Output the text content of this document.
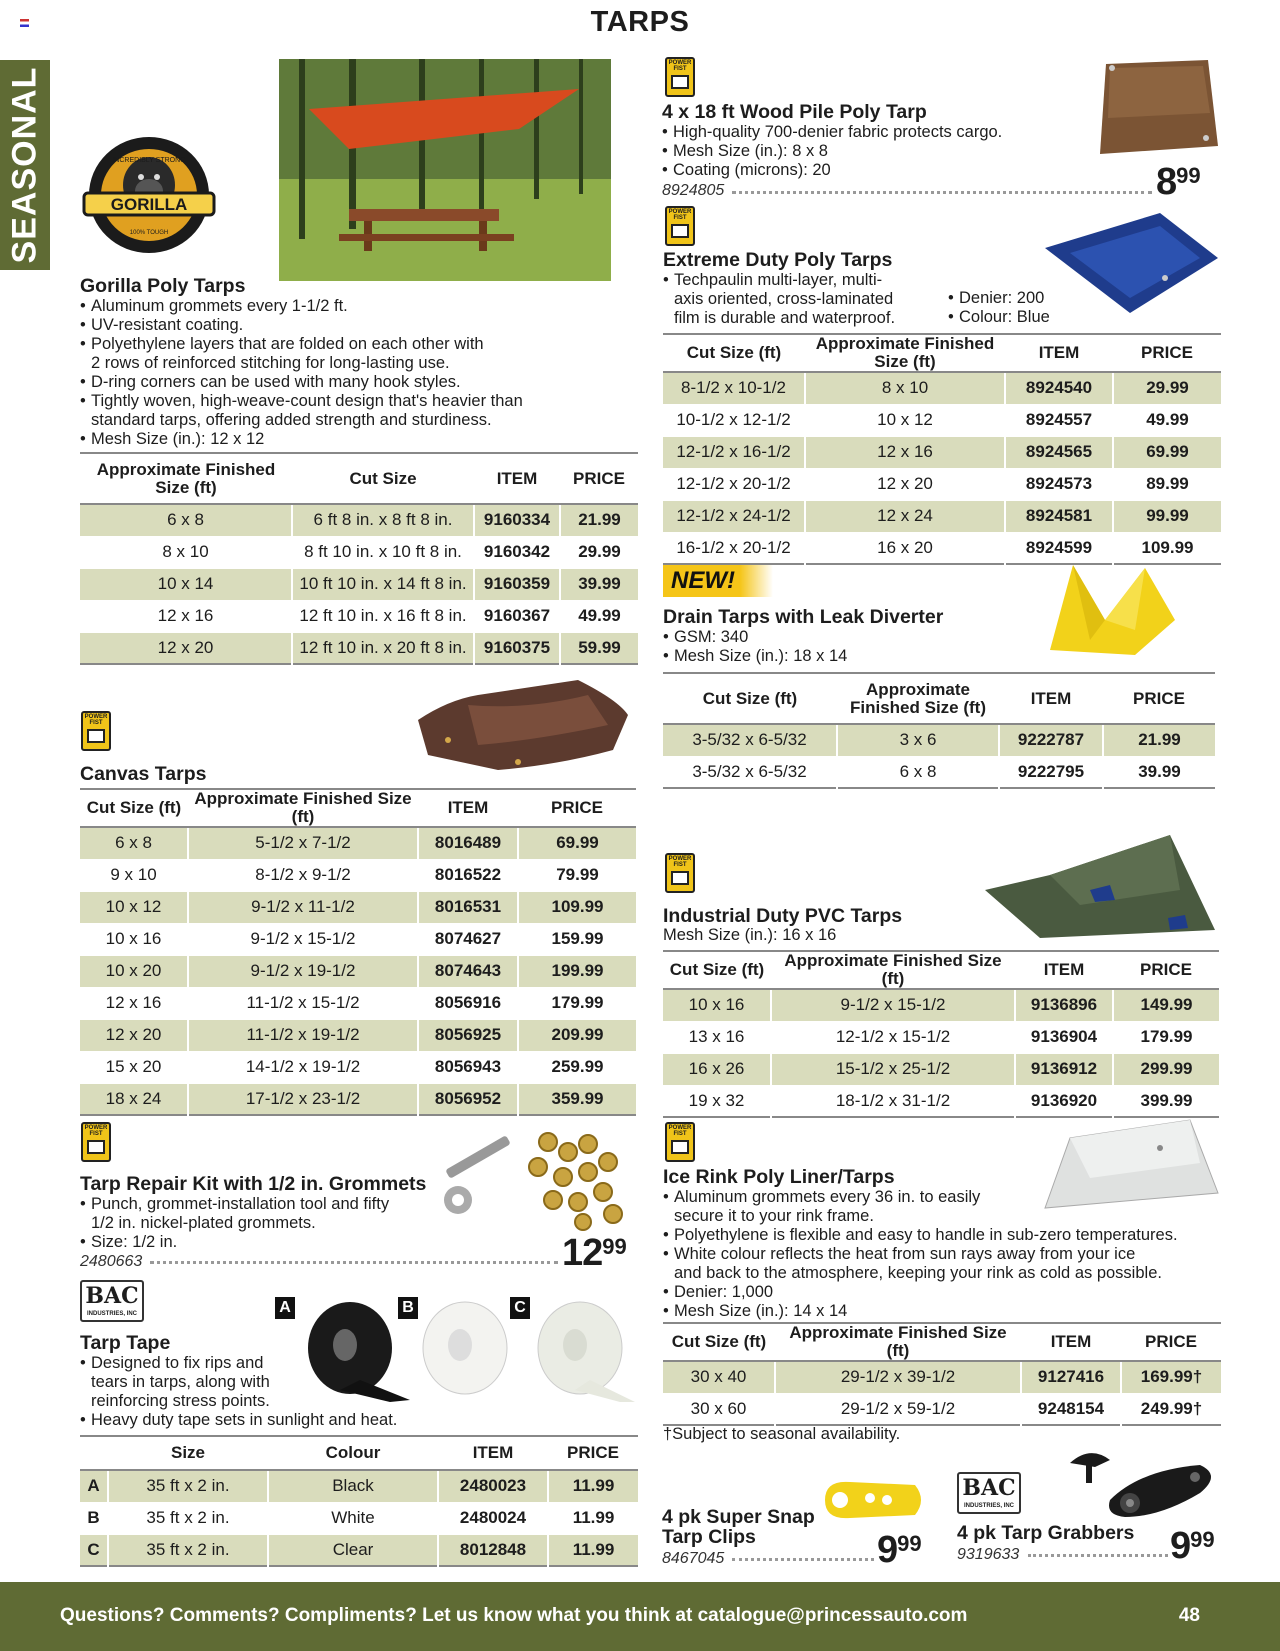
TARPS
SEASONAL	INCREDIBLY STRONG
GORILLA
100% TOUGH
Gorilla Poly Tarps
• Aluminum grommets every 1-1/2 ft.
• UV-resistant coating.
• Polyethylene layers that are folded on each other with
2 rows of reinforced stitching for long-lasting use.
• D-ring corners can be used with many hook styles.
• Tightly woven, high-weave-count design that's heavier than
standard tarps, offering added strength and sturdiness.
• Mesh Size (in.): 12 x 12
Approximate Finished Size (ft)	Cut Size	ITEM	PRICE
6 x 8	6 ft 8 in. x 8 ft 8 in.	9160334	21.99
8 x 10	8 ft 10 in. x 10 ft 8 in.	9160342	29.99
10 x 14	10 ft 10 in. x 14 ft 8 in.	9160359	39.99
12 x 16	12 ft 10 in. x 16 ft 8 in.	9160367	49.99
12 x 20	12 ft 10 in. x 20 ft 8 in.	9160375	59.99
POWER FIST
Canvas Tarps
Cut Size (ft)	Approximate Finished Size (ft)	ITEM	PRICE
6 x 8	5-1/2 x 7-1/2	8016489	69.99
9 x 10	8-1/2 x 9-1/2	8016522	79.99
10 x 12	9-1/2 x 11-1/2	8016531	109.99
10 x 16	9-1/2 x 15-1/2	8074627	159.99
10 x 20	9-1/2 x 19-1/2	8074643	199.99
12 x 16	11-1/2 x 15-1/2	8056916	179.99
12 x 20	11-1/2 x 19-1/2	8056925	209.99
15 x 20	14-1/2 x 19-1/2	8056943	259.99
18 x 24	17-1/2 x 23-1/2	8056952	359.99
POWER FIST
Tarp Repair Kit with 1/2 in. Grommets
• Punch, grommet-installation tool and fifty
1/2 in. nickel-plated grommets.
• Size: 1/2 in.
2480663	$12^{99}$
BAC
INDUSTRIES, INC	A	B	C
Tarp Tape
• Designed to fix rips and
tears in tarps, along with
reinforcing stress points.
• Heavy duty tape sets in sunlight and heat.
	Size	Colour	ITEM	PRICE
A	35 ft x 2 in.	Black	2480023	11.99
B	35 ft x 2 in.	White	2480024	11.99
C	35 ft x 2 in.	Clear	8012848	11.99
POWER FIST
4 x 18 ft Wood Pile Poly Tarp
• High-quality 700-denier fabric protects cargo.
• Mesh Size (in.): 8 x 8
• Coating (microns): 20
8924805	$8^{99}$
POWER FIST
Extreme Duty Poly Tarps
• Techpaulin multi-layer, multi-
axis oriented, cross-laminated
film is durable and waterproof.
• Denier: 200
• Colour: Blue
Cut Size (ft)	Approximate Finished Size (ft)	ITEM	PRICE
8-1/2 x 10-1/2	8 x 10	8924540	29.99
10-1/2 x 12-1/2	10 x 12	8924557	49.99
12-1/2 x 16-1/2	12 x 16	8924565	69.99
12-1/2 x 20-1/2	12 x 20	8924573	89.99
12-1/2 x 24-1/2	12 x 24	8924581	99.99
16-1/2 x 20-1/2	16 x 20	8924599	109.99
NEW!
Drain Tarps with Leak Diverter
• GSM: 340
• Mesh Size (in.): 18 x 14
Cut Size (ft)	Approximate Finished Size (ft)	ITEM	PRICE
3-5/32 x 6-5/32	3 x 6	9222787	21.99
3-5/32 x 6-5/32	6 x 8	9222795	39.99
POWER FIST
Industrial Duty PVC Tarps
Mesh Size (in.): 16 x 16
Cut Size (ft)	Approximate Finished Size (ft)	ITEM	PRICE
10 x 16	9-1/2 x 15-1/2	9136896	149.99
13 x 16	12-1/2 x 15-1/2	9136904	179.99
16 x 26	15-1/2 x 25-1/2	9136912	299.99
19 x 32	18-1/2 x 31-1/2	9136920	399.99
POWER FIST
Ice Rink Poly Liner/Tarps
• Aluminum grommets every 36 in. to easily
secure it to your rink frame.
• Polyethylene is flexible and easy to handle in sub-zero temperatures.
• White colour reflects the heat from sun rays away from your ice
and back to the atmosphere, keeping your rink as cold as possible.
• Denier: 1,000
• Mesh Size (in.): 14 x 14
Cut Size (ft)	Approximate Finished Size (ft)	ITEM	PRICE
30 x 40	29-1/2 x 39-1/2	9127416	169.99†
30 x 60	29-1/2 x 59-1/2	9248154	249.99†
†Subject to seasonal availability.
4 pk Super Snap
Tarp Clips
8467045	$9^{99}$
BAC
INDUSTRIES, INC
4 pk Tarp Grabbers
9319633	$9^{99}$
Questions? Comments? Compliments? Let us know what you think at catalogue@princessauto.com	48
